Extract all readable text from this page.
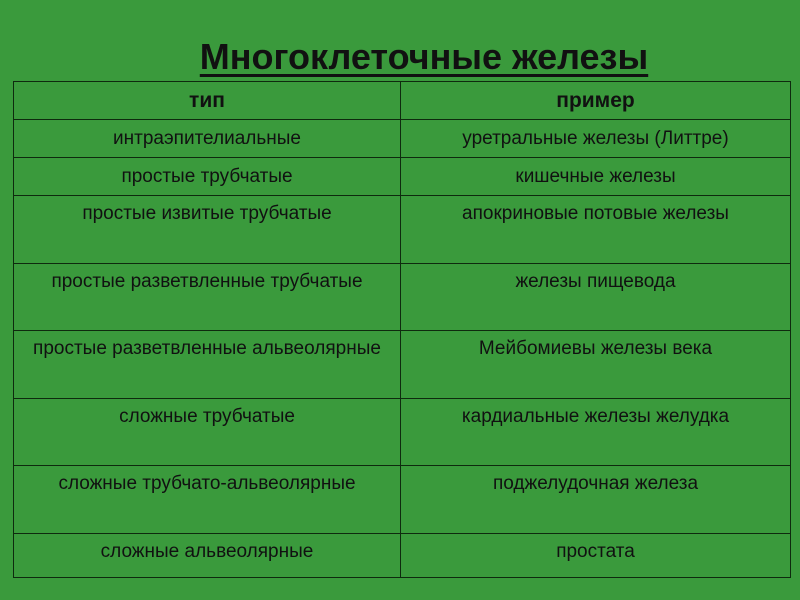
Многоклеточные железы
тип	пример
интраэпителиальные	уретральные железы (Литтре)
простые трубчатые	кишечные железы
простые извитые трубчатые	апокриновые потовые железы
простые разветвленные трубчатые	железы пищевода
простые разветвленные альвеолярные	Мейбомиевы железы века
сложные трубчатые	кардиальные железы желудка
сложные трубчато-альвеолярные	поджелудочная железа
сложные альвеолярные	простата
